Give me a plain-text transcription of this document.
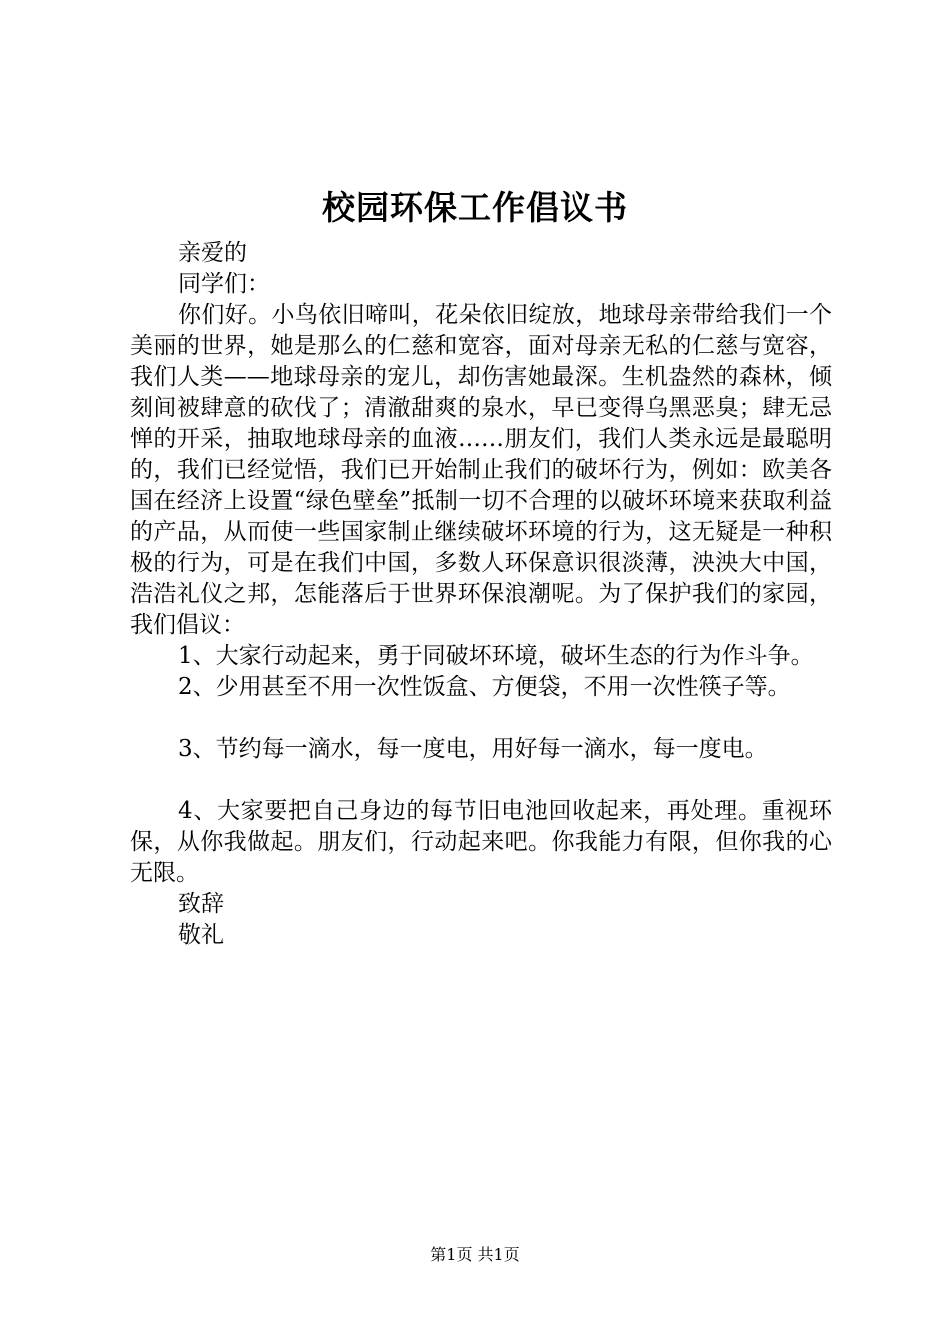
校园环保工作倡议书

亲爱的

同学们：

你们好。小鸟依旧啼叫，花朵依旧绽放，地球母亲带给我们一个美丽的世界，她是那么的仁慈和宽容，面对母亲无私的仁慈与宽容，我们人类——地球母亲的宠儿，却伤害她最深。生机盎然的森林，倾刻间被肆意的砍伐了；清澈甜爽的泉水，早已变得乌黑恶臭；肆无忌惮的开采，抽取地球母亲的血液……朋友们，我们人类永远是最聪明的，我们已经觉悟，我们已开始制止我们的破坏行为，例如：欧美各国在经济上设置“绿色壁垒”抵制一切不合理的以破坏环境来获取利益的产品，从而使一些国家制止继续破坏环境的行为，这无疑是一种积极的行为，可是在我们中国，多数人环保意识很淡薄，泱泱大中国，浩浩礼仪之邦，怎能落后于世界环保浪潮呢。为了保护我们的家园，我们倡议：

1、大家行动起来，勇于同破坏环境，破坏生态的行为作斗争。

2、少用甚至不用一次性饭盒、方便袋，不用一次性筷子等。

3、节约每一滴水，每一度电，用好每一滴水，每一度电。

4、大家要把自己身边的每节旧电池回收起来，再处理。重视环保，从你我做起。朋友们，行动起来吧。你我能力有限，但你我的心无限。

致辞

敬礼

第1页 共1页
